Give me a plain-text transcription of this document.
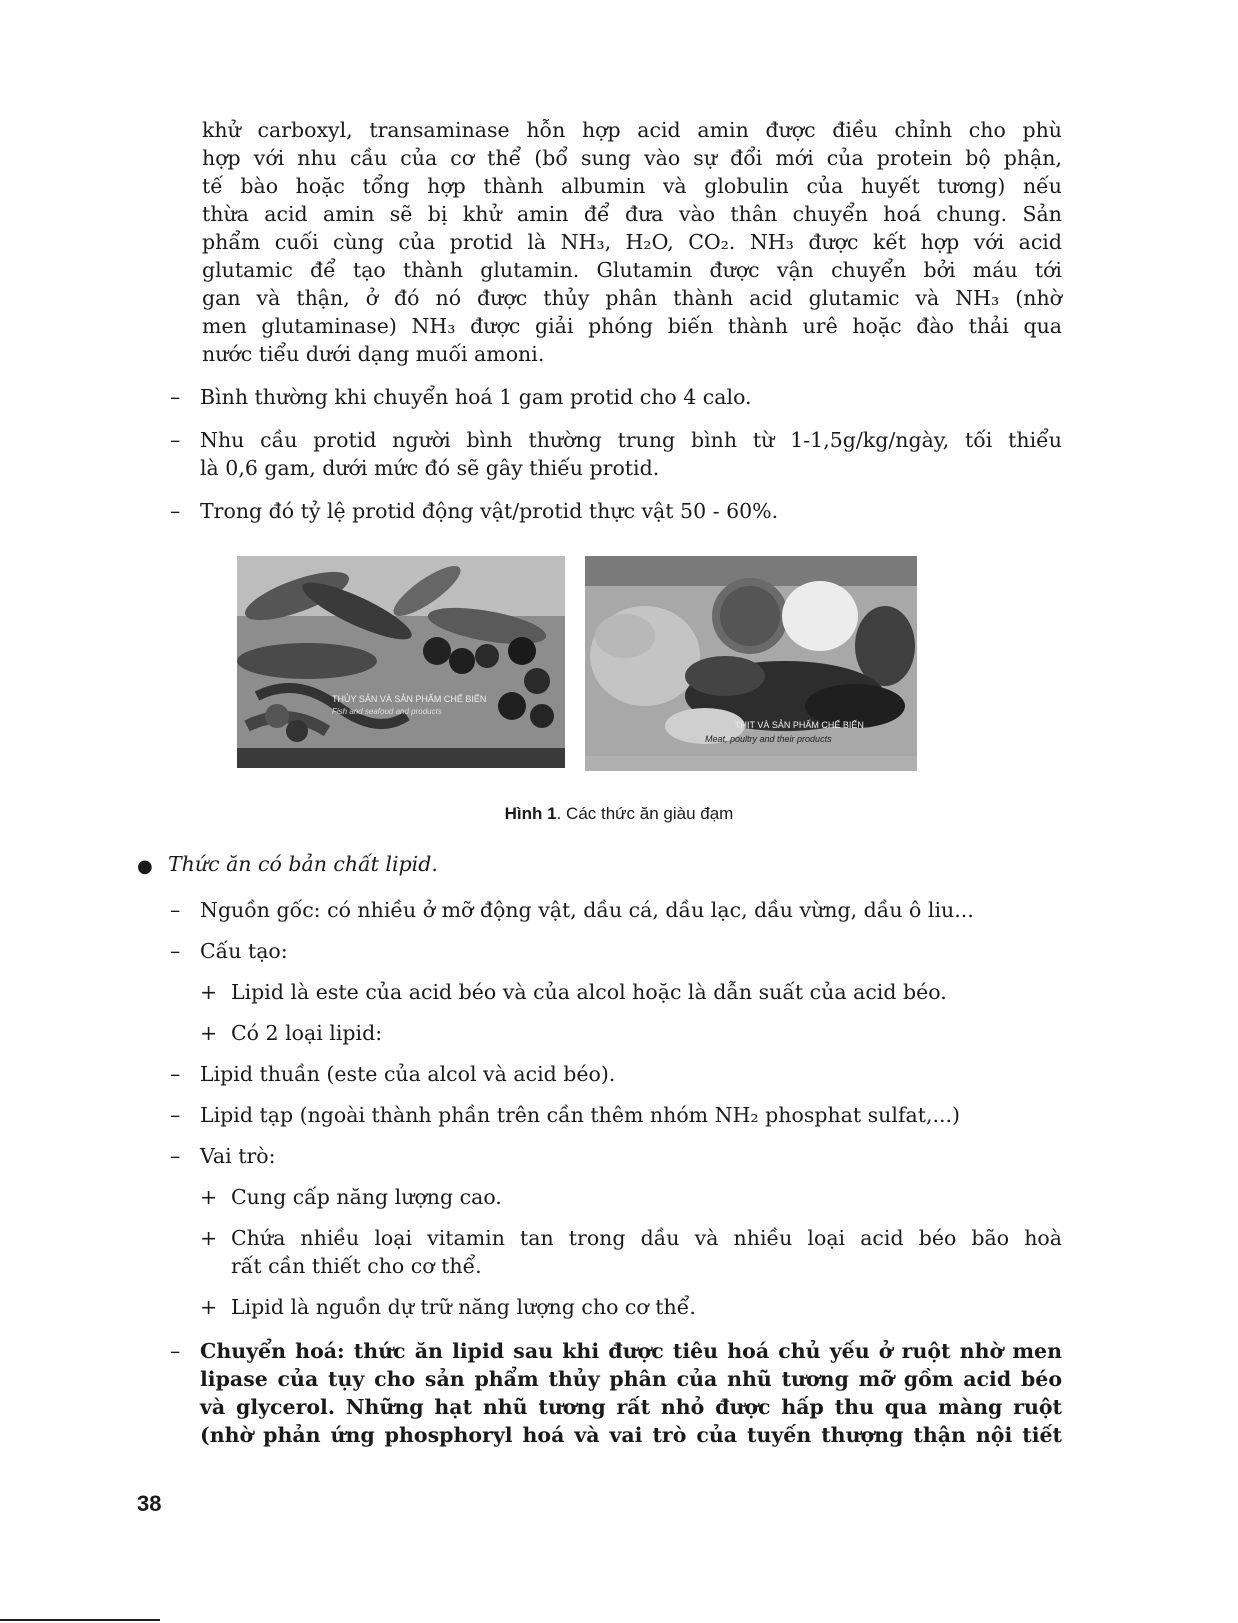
khử carboxyl, transaminase hỗn hợp acid amin được điều chỉnh cho phù
hợp với nhu cầu của cơ thể (bổ sung vào sự đổi mới của protein bộ phận,
tế bào hoặc tổng hợp thành albumin và globulin của huyết tương) nếu
thừa acid amin sẽ bị khử amin để đưa vào thân chuyển hoá chung. Sản
phẩm cuối cùng của protid là NH₃, H₂O, CO₂. NH₃ được kết hợp với acid
glutamic để tạo thành glutamin. Glutamin được vận chuyển bởi máu tới
gan và thận, ở đó nó được thủy phân thành acid glutamic và NH₃ (nhờ
men glutaminase) NH₃ được giải phóng biến thành urê hoặc đào thải qua
nước tiểu dưới dạng muối amoni.
– Bình thường khi chuyển hoá 1 gam protid cho 4 calo.
– Nhu cầu protid người bình thường trung bình từ 1-1,5g/kg/ngày, tối thiểu
là 0,6 gam, dưới mức đó sẽ gây thiếu protid.
– Trong đó tỷ lệ protid động vật/protid thực vật 50 - 60%.
THỦY SẢN VÀ SẢN PHẨM CHẾ BIẾN
Fish and seafood and products
THỊT VÀ SẢN PHẨM CHẾ BIẾN
Meat, poultry and their products
Hình 1. Các thức ăn giàu đạm
● Thức ăn có bản chất lipid.
– Nguồn gốc: có nhiều ở mỡ động vật, dầu cá, dầu lạc, dầu vừng, dầu ô liu...
– Cấu tạo:
+ Lipid là este của acid béo và của alcol hoặc là dẫn suất của acid béo.
+ Có 2 loại lipid:
– Lipid thuần (este của alcol và acid béo).
– Lipid tạp (ngoài thành phần trên cần thêm nhóm NH₂ phosphat sulfat,...)
– Vai trò:
+ Cung cấp năng lượng cao.
+ Chứa nhiều loại vitamin tan trong dầu và nhiều loại acid béo bão hoà
rất cần thiết cho cơ thể.
+ Lipid là nguồn dự trữ năng lượng cho cơ thể.
– Chuyển hoá: thức ăn lipid sau khi được tiêu hoá chủ yếu ở ruột nhờ men
lipase của tụy cho sản phẩm thủy phân của nhũ tương mỡ gồm acid béo
và glycerol. Những hạt nhũ tương rất nhỏ được hấp thu qua màng ruột
(nhờ phản ứng phosphoryl hoá và vai trò của tuyến thượng thận nội tiết
38
